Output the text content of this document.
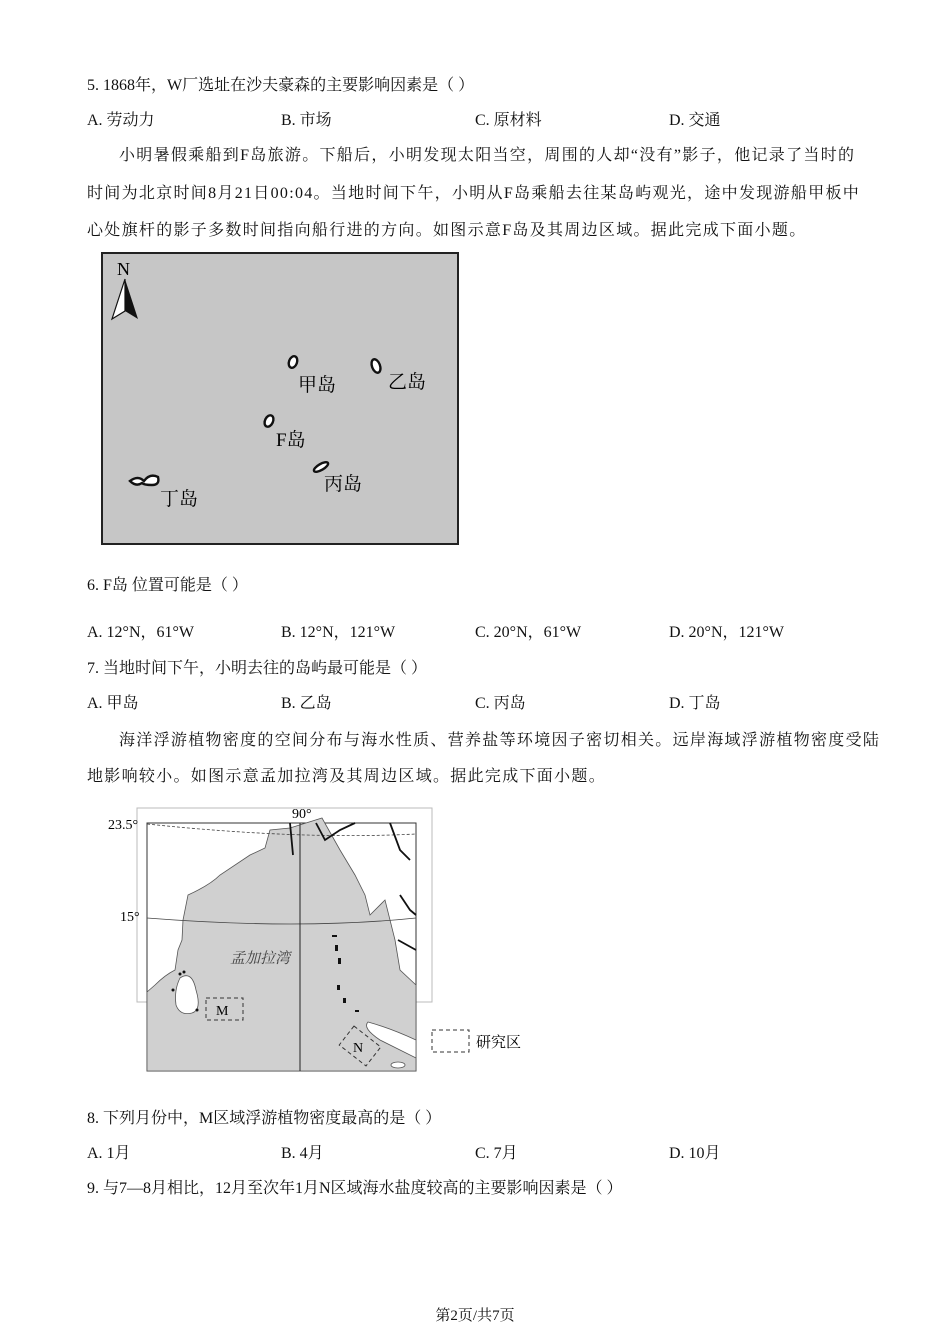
5. 1868年，W厂选址在沙夫豪森的主要影响因素是（ ）
A. 劳动力	B. 市场	C. 原材料	D. 交通
小明暑假乘船到F岛旅游。下船后，小明发现太阳当空，周围的人却“没有”影子，他记录了当时的
时间为北京时间8月21日00:04。当地时间下午，小明从F岛乘船去往某岛屿观光，途中发现游船甲板中
心处旗杆的影子多数时间指向船行进的方向。如图示意F岛及其周边区域。据此完成下面小题。
N
甲岛	乙岛
F岛
丙岛
丁岛
6. F岛 位置可能是（ ）
A. 12°N，61°W	B. 12°N，121°W	C. 20°N，61°W	D. 20°N，121°W
7. 当地时间下午，小明去往的岛屿最可能是（ ）
A. 甲岛	B. 乙岛	C. 丙岛	D. 丁岛
海洋浮游植物密度的空间分布与海水性质、营养盐等环境因子密切相关。远岸海域浮游植物密度受陆
地影响较小。如图示意孟加拉湾及其周边区域。据此完成下面小题。
23.5°
15°
90°
孟加拉湾
M
N	研究区
8. 下列月份中，M区域浮游植物密度最高的是（ ）
A. 1月	B. 4月	C. 7月	D. 10月
9. 与7—8月相比，12月至次年1月N区域海水盐度较高的主要影响因素是（ ）
第2页/共7页
